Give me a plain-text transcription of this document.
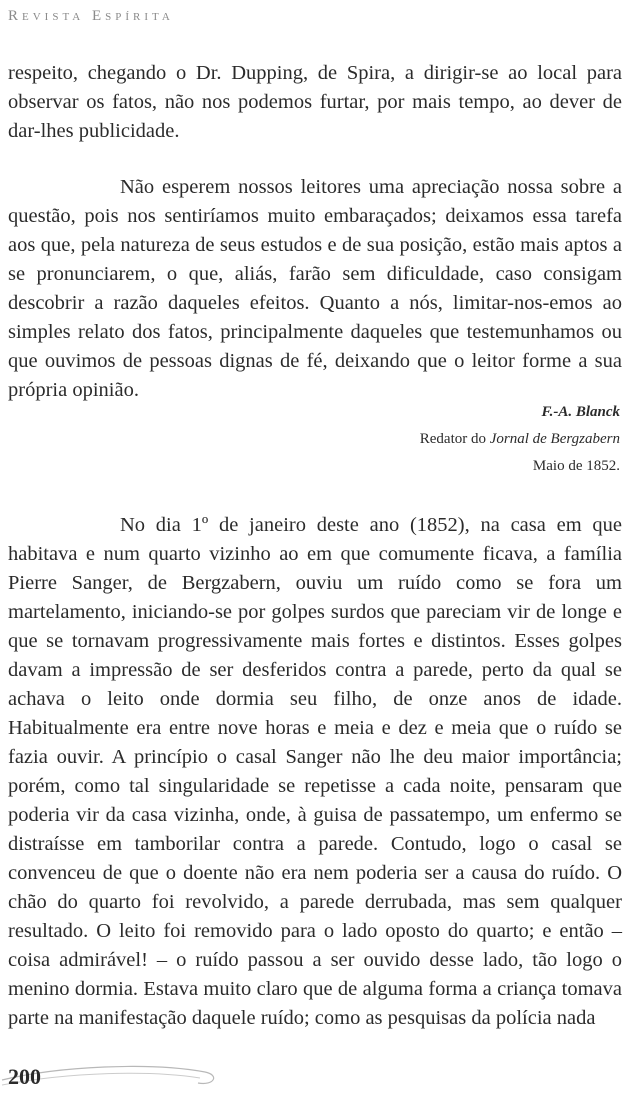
Revista Espírita

respeito, chegando o Dr. Dupping, de Spira, a dirigir-se ao local para observar os fatos, não nos podemos furtar, por mais tempo, ao dever de dar-lhes publicidade.

Não esperem nossos leitores uma apreciação nossa sobre a questão, pois nos sentiríamos muito embaraçados; deixamos essa tarefa aos que, pela natureza de seus estudos e de sua posição, estão mais aptos a se pronunciarem, o que, aliás, farão sem dificuldade, caso consigam descobrir a razão daqueles efeitos. Quanto a nós, limitar-nos-emos ao simples relato dos fatos, principalmente daqueles que testemunhamos ou que ouvimos de pessoas dignas de fé, deixando que o leitor forme a sua própria opinião.

F.-A. Blanck
Redator do Jornal de Bergzabern
Maio de 1852.

No dia 1º de janeiro deste ano (1852), na casa em que habitava e num quarto vizinho ao em que comumente ficava, a família Pierre Sanger, de Bergzabern, ouviu um ruído como se fora um martelamento, iniciando-se por golpes surdos que pareciam vir de longe e que se tornavam progressivamente mais fortes e distintos. Esses golpes davam a impressão de ser desferidos contra a parede, perto da qual se achava o leito onde dormia seu filho, de onze anos de idade. Habitualmente era entre nove horas e meia e dez e meia que o ruído se fazia ouvir. A princípio o casal Sanger não lhe deu maior importância; porém, como tal singularidade se repetisse a cada noite, pensaram que poderia vir da casa vizinha, onde, à guisa de passatempo, um enfermo se distraísse em tamborilar contra a parede. Contudo, logo o casal se convenceu de que o doente não era nem poderia ser a causa do ruído. O chão do quarto foi revolvido, a parede derrubada, mas sem qualquer resultado. O leito foi removido para o lado oposto do quarto; e então – coisa admirável! – o ruído passou a ser ouvido desse lado, tão logo o menino dormia. Estava muito claro que de alguma forma a criança tomava parte na manifestação daquele ruído; como as pesquisas da polícia nada

200
